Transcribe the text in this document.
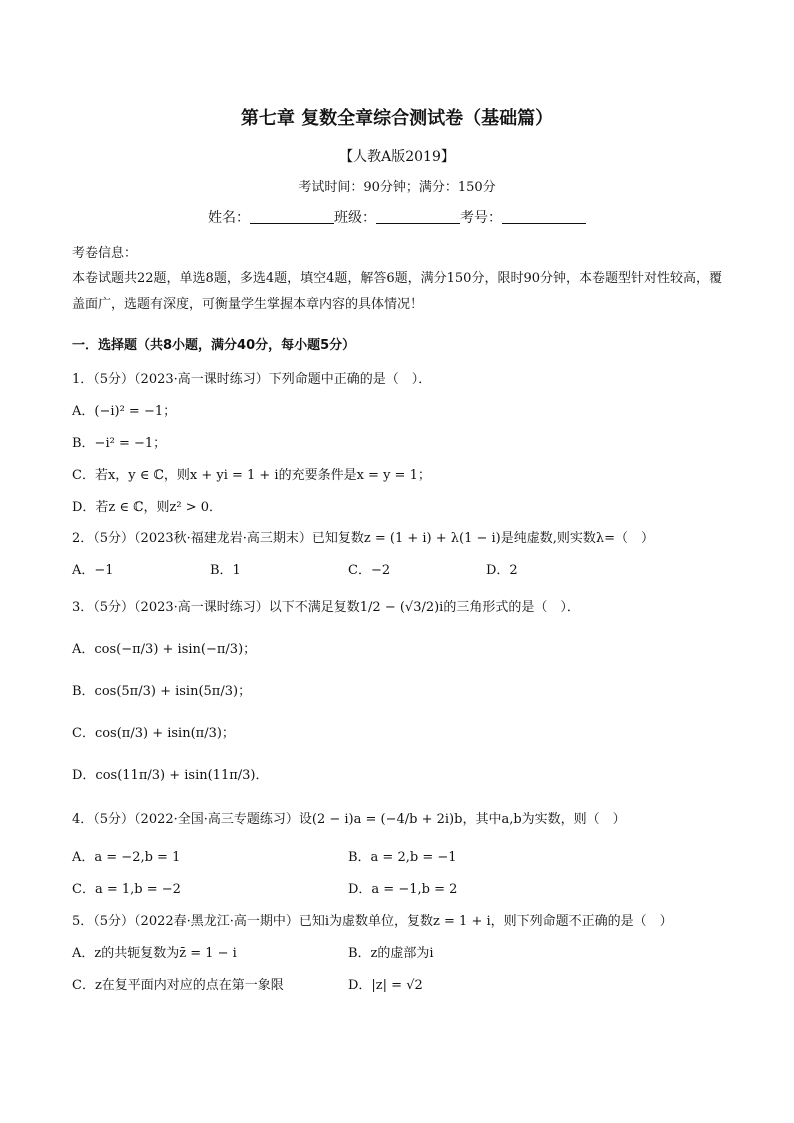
第七章 复数全章综合测试卷（基础篇）
【人教A版2019】
考试时间：90分钟；满分：150分
姓名：	班级：	考号：
考卷信息：
本卷试题共22题，单选8题，多选4题，填空4题，解答6题，满分150分，限时90分钟，本卷题型针对性较高，覆盖面广，选题有深度，可衡量学生掌握本章内容的具体情况！
一．选择题（共8小题，满分40分，每小题5分）
1．（5分）（2023·高一课时练习）下列命题中正确的是（　）．
A．(−i)² = −1；
B．−i² = −1；
C．若x，y ∈ ℂ，则x + yi = 1 + i的充要条件是x = y = 1；
D．若z ∈ ℂ，则z² > 0．
2．（5分）（2023秋·福建龙岩·高三期末）已知复数z = (1 + i) + λ(1 − i)是纯虚数,则实数λ=（　）
A．−1	B．1	C．−2	D．2
3．（5分）（2023·高一课时练习）以下不满足复数1/2 − (√3/2)i的三角形式的是（　）．
A．cos(−π/3) + isin(−π/3)；
B．cos(5π/3) + isin(5π/3)；
C．cos(π/3) + isin(π/3)；
D．cos(11π/3) + isin(11π/3)．
4．（5分）（2022·全国·高三专题练习）设(2 − i)a = (−4/b + 2i)b，其中a,b为实数，则（　）
A．a = −2,b = 1	B．a = 2,b = −1
C．a = 1,b = −2	D．a = −1,b = 2
5．（5分）（2022春·黑龙江·高一期中）已知i为虚数单位，复数z = 1 + i，则下列命题不正确的是（　）
A．z的共轭复数为z̄ = 1 − i	B．z的虚部为i
C．z在复平面内对应的点在第一象限	D．|z| = √2
